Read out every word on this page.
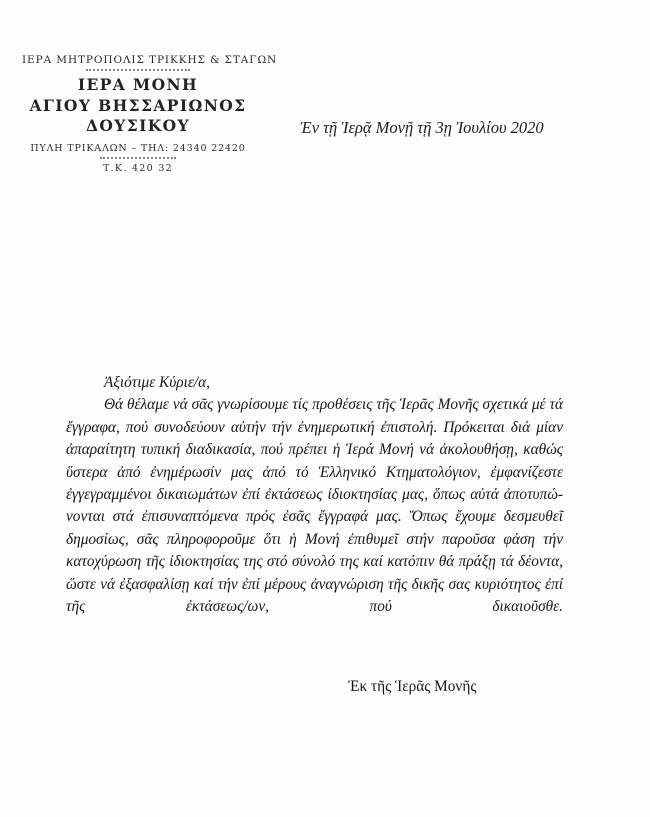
ΙΕΡΑ ΜΗΤΡΟΠΟΛΙΣ ΤΡΙΚΚΗΣ & ΣΤΑΓΩΝ
ΙΕΡΑ ΜΟΝΗ
ΑΓΙΟΥ ΒΗΣΣΑΡΙΩΝΟΣ
ΔΟΥΣΙΚΟΥ
ΠΥΛΗ ΤΡΙΚΑΛΩΝ – ΤΗΛ: 24340 22420
Τ.Κ. 420 32
Ἐν τῇ Ἱερᾷ Μονῇ τῇ 3ῃ Ἰουλίου 2020

Ἀξιότιμε Κύριε/α,

Θά θέλαμε νά σᾶς γνωρίσουμε τίς προθέσεις τῆς Ἱερᾶς Μονῆς σχετικά μέ τά ἔγγραφα, πού συνοδεύουν αὐτήν τήν ἐνημερωτική ἐπιστολή. Πρόκειται διά μίαν ἀπαραίτητη τυπική διαδικασία, πού πρέπει ἡ Ἱερά Μονή νά ἀκολουθήσῃ, καθώς ὕστερα ἀπό ἐνημέρωσίν μας ἀπό τό Ἑλληνικό Κτηματολόγιον, ἐμφανίζεστε ἐγγεγραμμένοι δικαιωμάτων ἐπί ἐκτάσεως ἰδιοκτησίας μας, ὅπως αὐτά ἀποτυπώ- νονται στά ἐπισυναπτόμενα πρός ἐσᾶς ἔγγραφά μας. Ὅπως ἔχουμε δεσμευθεῖ δημοσίως, σᾶς πληροφοροῦμε ὅτι ἡ Μονή ἐπιθυμεῖ στήν παροῦσα φάση τήν κατοχύρωση τῆς ἰδιοκτησίας της στό σύνολό της καί κατόπιν θά πράξῃ τά δέοντα, ὥστε νά ἐξασφαλίσῃ καί τήν ἐπί μέρους ἀναγνώριση τῆς δικῆς σας κυριότητος ἐπί τῆς ἐκτάσεως/ων, πού δικαιοῦσθε.

Ἐκ τῆς Ἱερᾶς Μονῆς
